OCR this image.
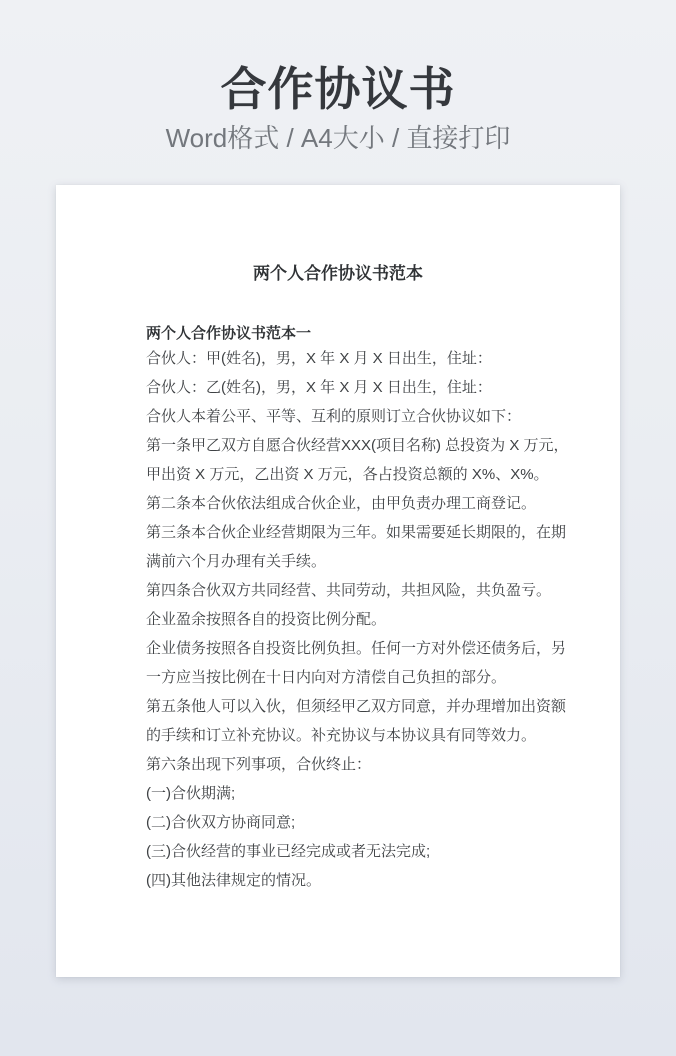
合作协议书
Word格式 / A4大小 / 直接打印
两个人合作协议书范本
两个人合作协议书范本一
合伙人：甲(姓名)，男，X 年 X 月 X 日出生，住址：
合伙人：乙(姓名)，男，X 年 X 月 X 日出生，住址：
合伙人本着公平、平等、互利的原则订立合伙协议如下：
第一条甲乙双方自愿合伙经营XXX(项目名称) 总投资为 X 万元，
甲出资 X 万元，乙出资 X 万元，各占投资总额的 X%、X%。
第二条本合伙依法组成合伙企业，由甲负责办理工商登记。
第三条本合伙企业经营期限为三年。如果需要延长期限的，在期
满前六个月办理有关手续。
第四条合伙双方共同经营、共同劳动，共担风险，共负盈亏。
企业盈余按照各自的投资比例分配。
企业债务按照各自投资比例负担。任何一方对外偿还债务后，另
一方应当按比例在十日内向对方清偿自己负担的部分。
第五条他人可以入伙，但须经甲乙双方同意，并办理增加出资额
的手续和订立补充协议。补充协议与本协议具有同等效力。
第六条出现下列事项，合伙终止：
(一)合伙期满;
(二)合伙双方协商同意;
(三)合伙经营的事业已经完成或者无法完成;
(四)其他法律规定的情况。
